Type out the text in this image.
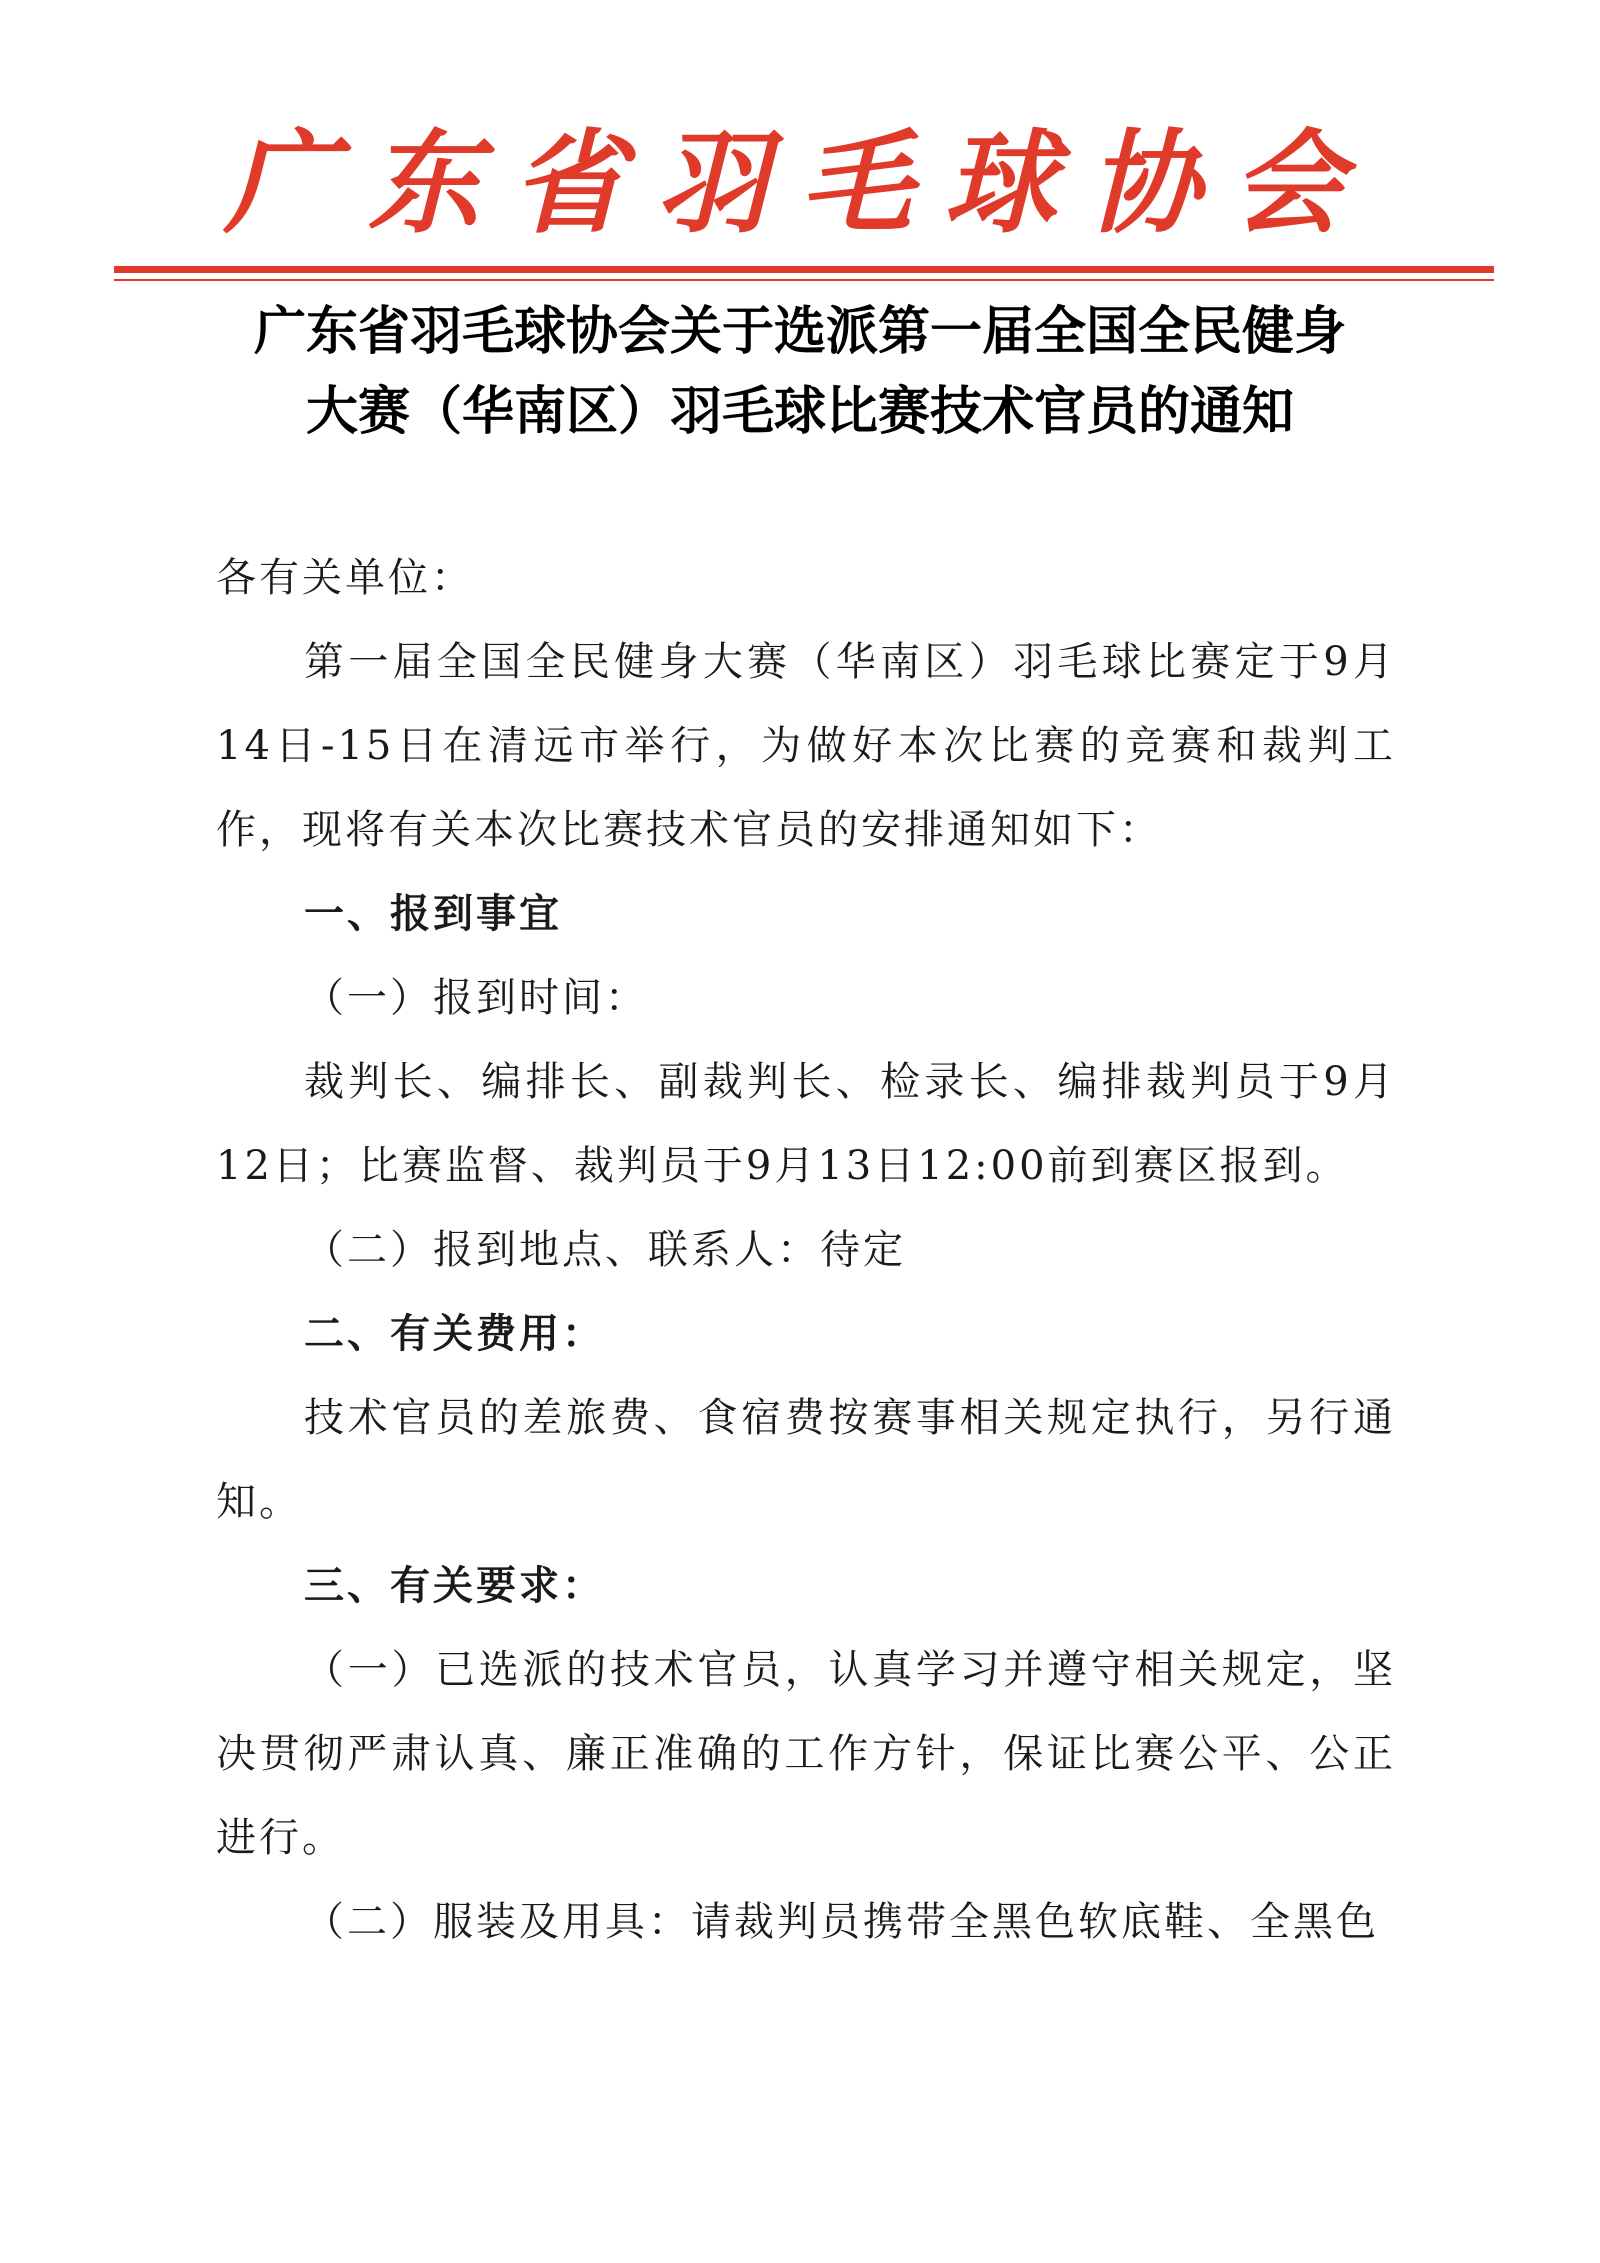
广东省羽毛球协会
广东省羽毛球协会关于选派第一届全国全民健身
大赛（华南区）羽毛球比赛技术官员的通知

各有关单位：

第一届全国全民健身大赛（华南区）羽毛球比赛定于9月14日-15日在清远市举行，为做好本次比赛的竞赛和裁判工作，现将有关本次比赛技术官员的安排通知如下：

一、报到事宜

（一）报到时间：

裁判长、编排长、副裁判长、检录长、编排裁判员于9月12日；比赛监督、裁判员于9月13日12:00前到赛区报到。

（二）报到地点、联系人：待定

二、有关费用：

技术官员的差旅费、食宿费按赛事相关规定执行，另行通知。

三、有关要求：

（一）已选派的技术官员，认真学习并遵守相关规定，坚决贯彻严肃认真、廉正准确的工作方针，保证比赛公平、公正进行。

（二）服装及用具：请裁判员携带全黑色软底鞋、全黑色
